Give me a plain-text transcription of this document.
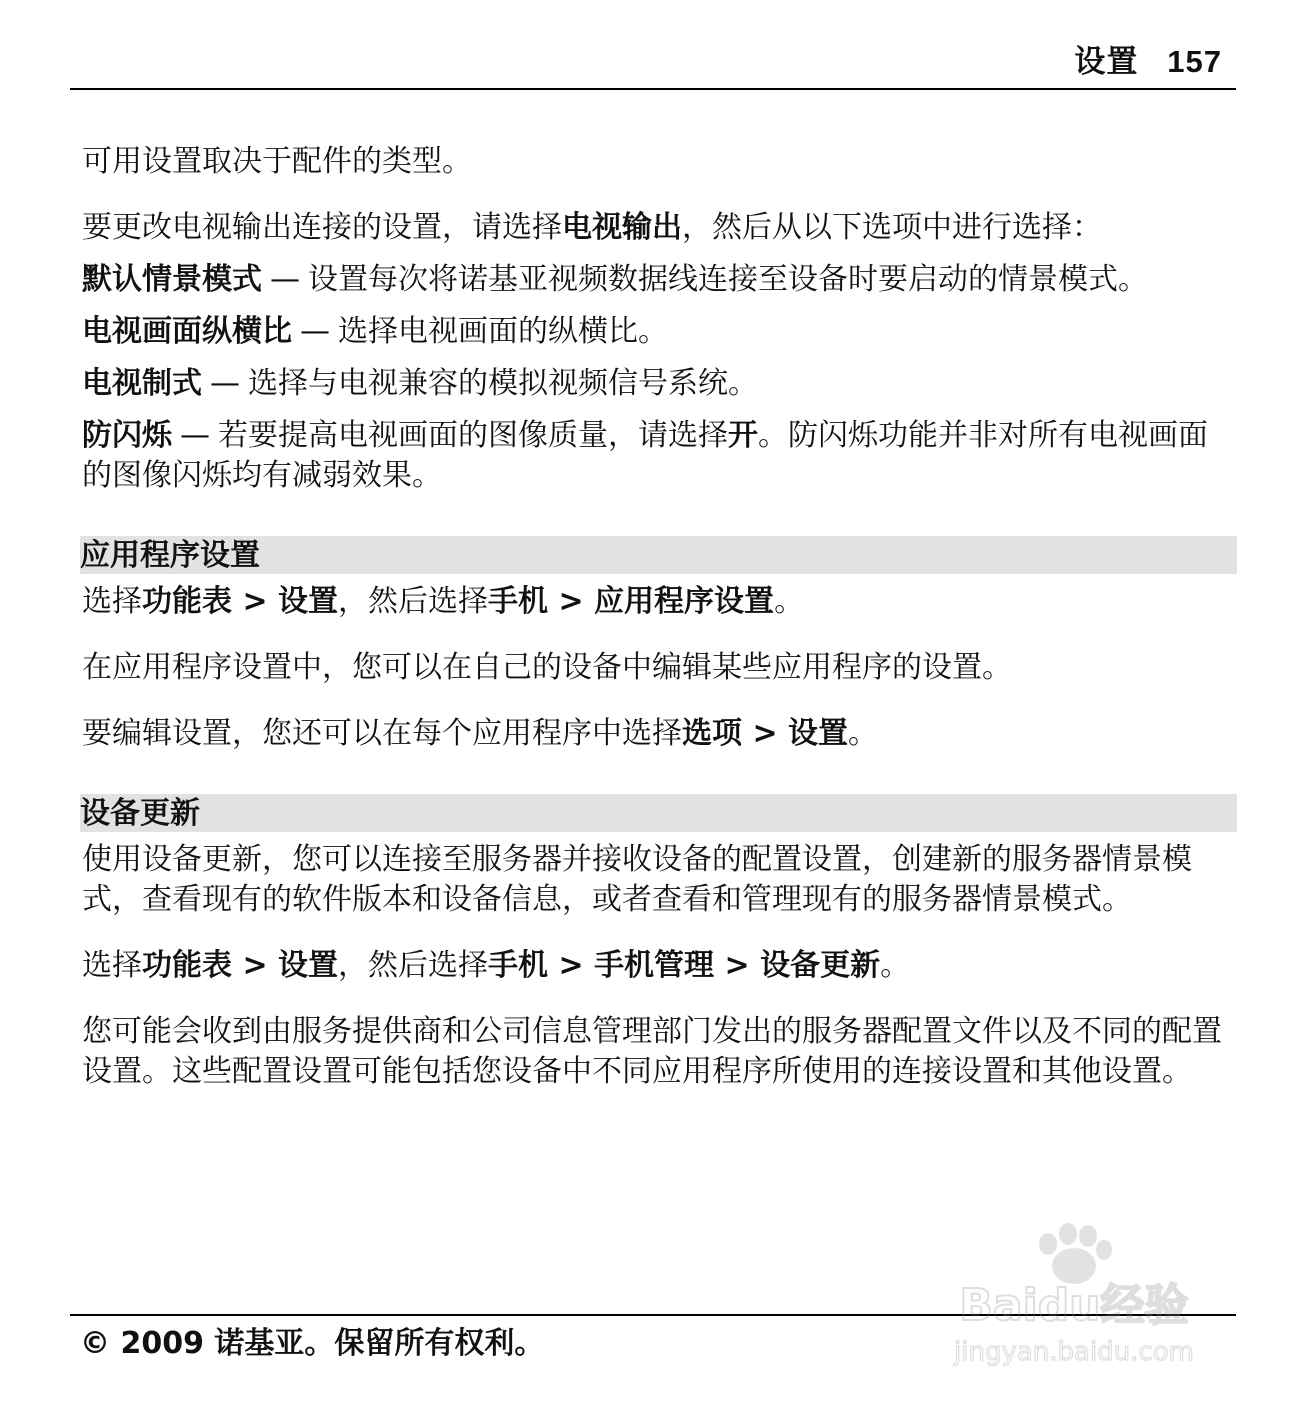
设置 157

可用设置取决于配件的类型。

要更改电视输出连接的设置，请选择电视输出，然后从以下选项中进行选择：

默认情景模式 — 设置每次将诺基亚视频数据线连接至设备时要启动的情景模式。

电视画面纵横比 — 选择电视画面的纵横比。

电视制式 — 选择与电视兼容的模拟视频信号系统。

防闪烁 — 若要提高电视画面的图像质量，请选择开。防闪烁功能并非对所有电视画面的图像闪烁均有减弱效果。

应用程序设置

选择功能表 > 设置，然后选择手机 > 应用程序设置。

在应用程序设置中，您可以在自己的设备中编辑某些应用程序的设置。

要编辑设置，您还可以在每个应用程序中选择选项 > 设置。

设备更新

使用设备更新，您可以连接至服务器并接收设备的配置设置，创建新的服务器情景模式，查看现有的软件版本和设备信息，或者查看和管理现有的服务器情景模式。

选择功能表 > 设置，然后选择手机 > 手机管理 > 设备更新。

您可能会收到由服务提供商和公司信息管理部门发出的服务器配置文件以及不同的配置设置。这些配置设置可能包括您设备中不同应用程序所使用的连接设置和其他设置。

© 2009 诺基亚。保留所有权利。
Baidu经验
jingyan.baidu.com
